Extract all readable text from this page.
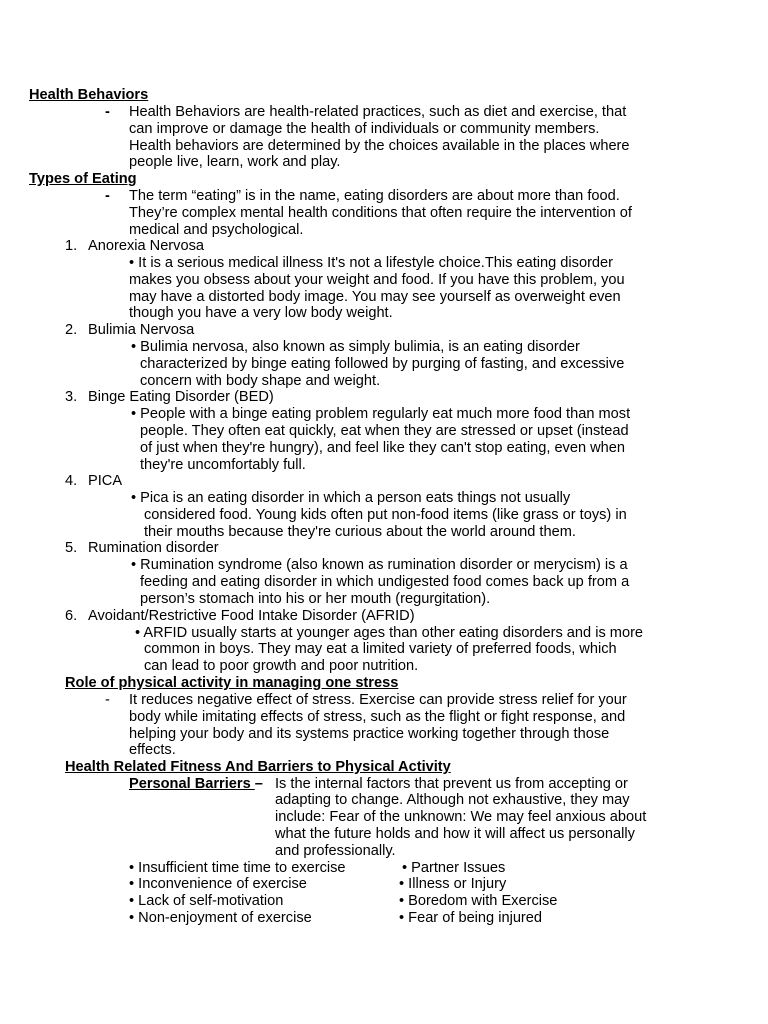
Health Behaviors
- Health Behaviors are health-related practices, such as diet and exercise, that
can improve or damage the health of individuals or community members.
Health behaviors are determined by the choices available in the places where
people live, learn, work and play.
Types of Eating
- The term “eating” is in the name, eating disorders are about more than food.
They’re complex mental health conditions that often require the intervention of
medical and psychological.
1. Anorexia Nervosa
• It is a serious medical illness It's not a lifestyle choice.This eating disorder
makes you obsess about your weight and food. If you have this problem, you
may have a distorted body image. You may see yourself as overweight even
though you have a very low body weight.
2. Bulimia Nervosa
• Bulimia nervosa, also known as simply bulimia, is an eating disorder
characterized by binge eating followed by purging of fasting, and excessive
concern with body shape and weight.
3. Binge Eating Disorder (BED)
• People with a binge eating problem regularly eat much more food than most
people. They often eat quickly, eat when they are stressed or upset (instead
of just when they're hungry), and feel like they can't stop eating, even when
they're uncomfortably full.
4. PICA
• Pica is an eating disorder in which a person eats things not usually
considered food. Young kids often put non-food items (like grass or toys) in
their mouths because they're curious about the world around them.
5. Rumination disorder
• Rumination syndrome (also known as rumination disorder or merycism) is a
feeding and eating disorder in which undigested food comes back up from a
person’s stomach into his or her mouth (regurgitation).
6. Avoidant/Restrictive Food Intake Disorder (AFRID)
• ARFID usually starts at younger ages than other eating disorders and is more
common in boys. They may eat a limited variety of preferred foods, which
can lead to poor growth and poor nutrition.
Role of physical activity in managing one stress
- It reduces negative effect of stress. Exercise can provide stress relief for your
body while imitating effects of stress, such as the flight or fight response, and
helping your body and its systems practice working together through those
effects.
Health Related Fitness And Barriers to Physical Activity
Personal Barriers – Is the internal factors that prevent us from accepting or
adapting to change. Although not exhaustive, they may
include: Fear of the unknown: We may feel anxious about
what the future holds and how it will affect us personally
and professionally.
• Insufficient time time to exercise
• Inconvenience of exercise
• Lack of self-motivation
• Non-enjoyment of exercise
• Partner Issues
• Illness or Injury
• Boredom with Exercise
• Fear of being injured
